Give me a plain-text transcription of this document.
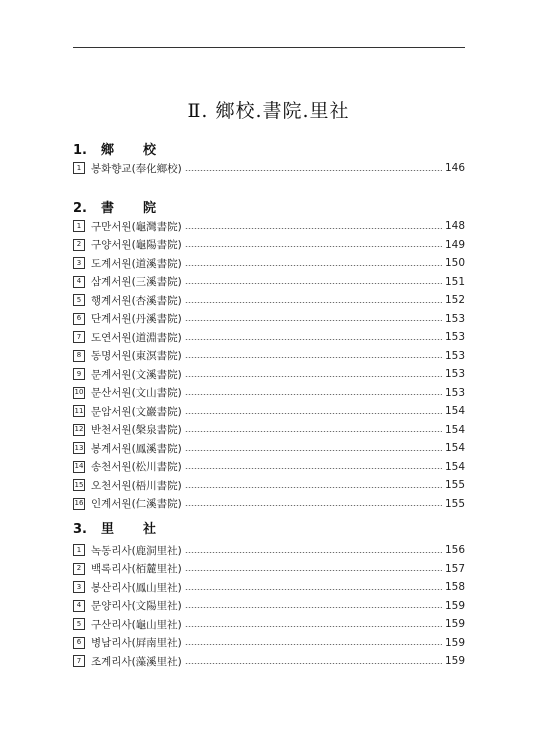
Ⅱ. 鄉校.書院.里社
1. 鄉 校
1 봉화향교(奉化鄉校)	146
2. 書 院
1 구만서원(龜灣書院)	148
2 구양서원(龜陽書院)	149
3 도계서원(道溪書院)	150
4 삼계서원(三溪書院)	151
5 행계서원(杏溪書院)	152
6 단계서원(丹溪書院)	153
7 도연서원(道淵書院)	153
8 동명서원(東溟書院)	153
9 문계서원(文溪書院)	153
10 문산서원(文山書院)	153
11 문암서원(文巖書院)	154
12 반천서원(槃泉書院)	154
13 봉계서원(鳳溪書院)	154
14 송천서원(松川書院)	154
15 오천서원(梧川書院)	155
16 인계서원(仁溪書院)	155
3. 里 社
1 녹동리사(鹿洞里社)	156
2 백록리사(栢麓里社)	157
3 봉산리사(鳳山里社)	158
4 문양리사(文陽里社)	159
5 구산리사(龜山里社)	159
6 병남리사(屛南里社)	159
7 조계리사(藻溪里社)	159
